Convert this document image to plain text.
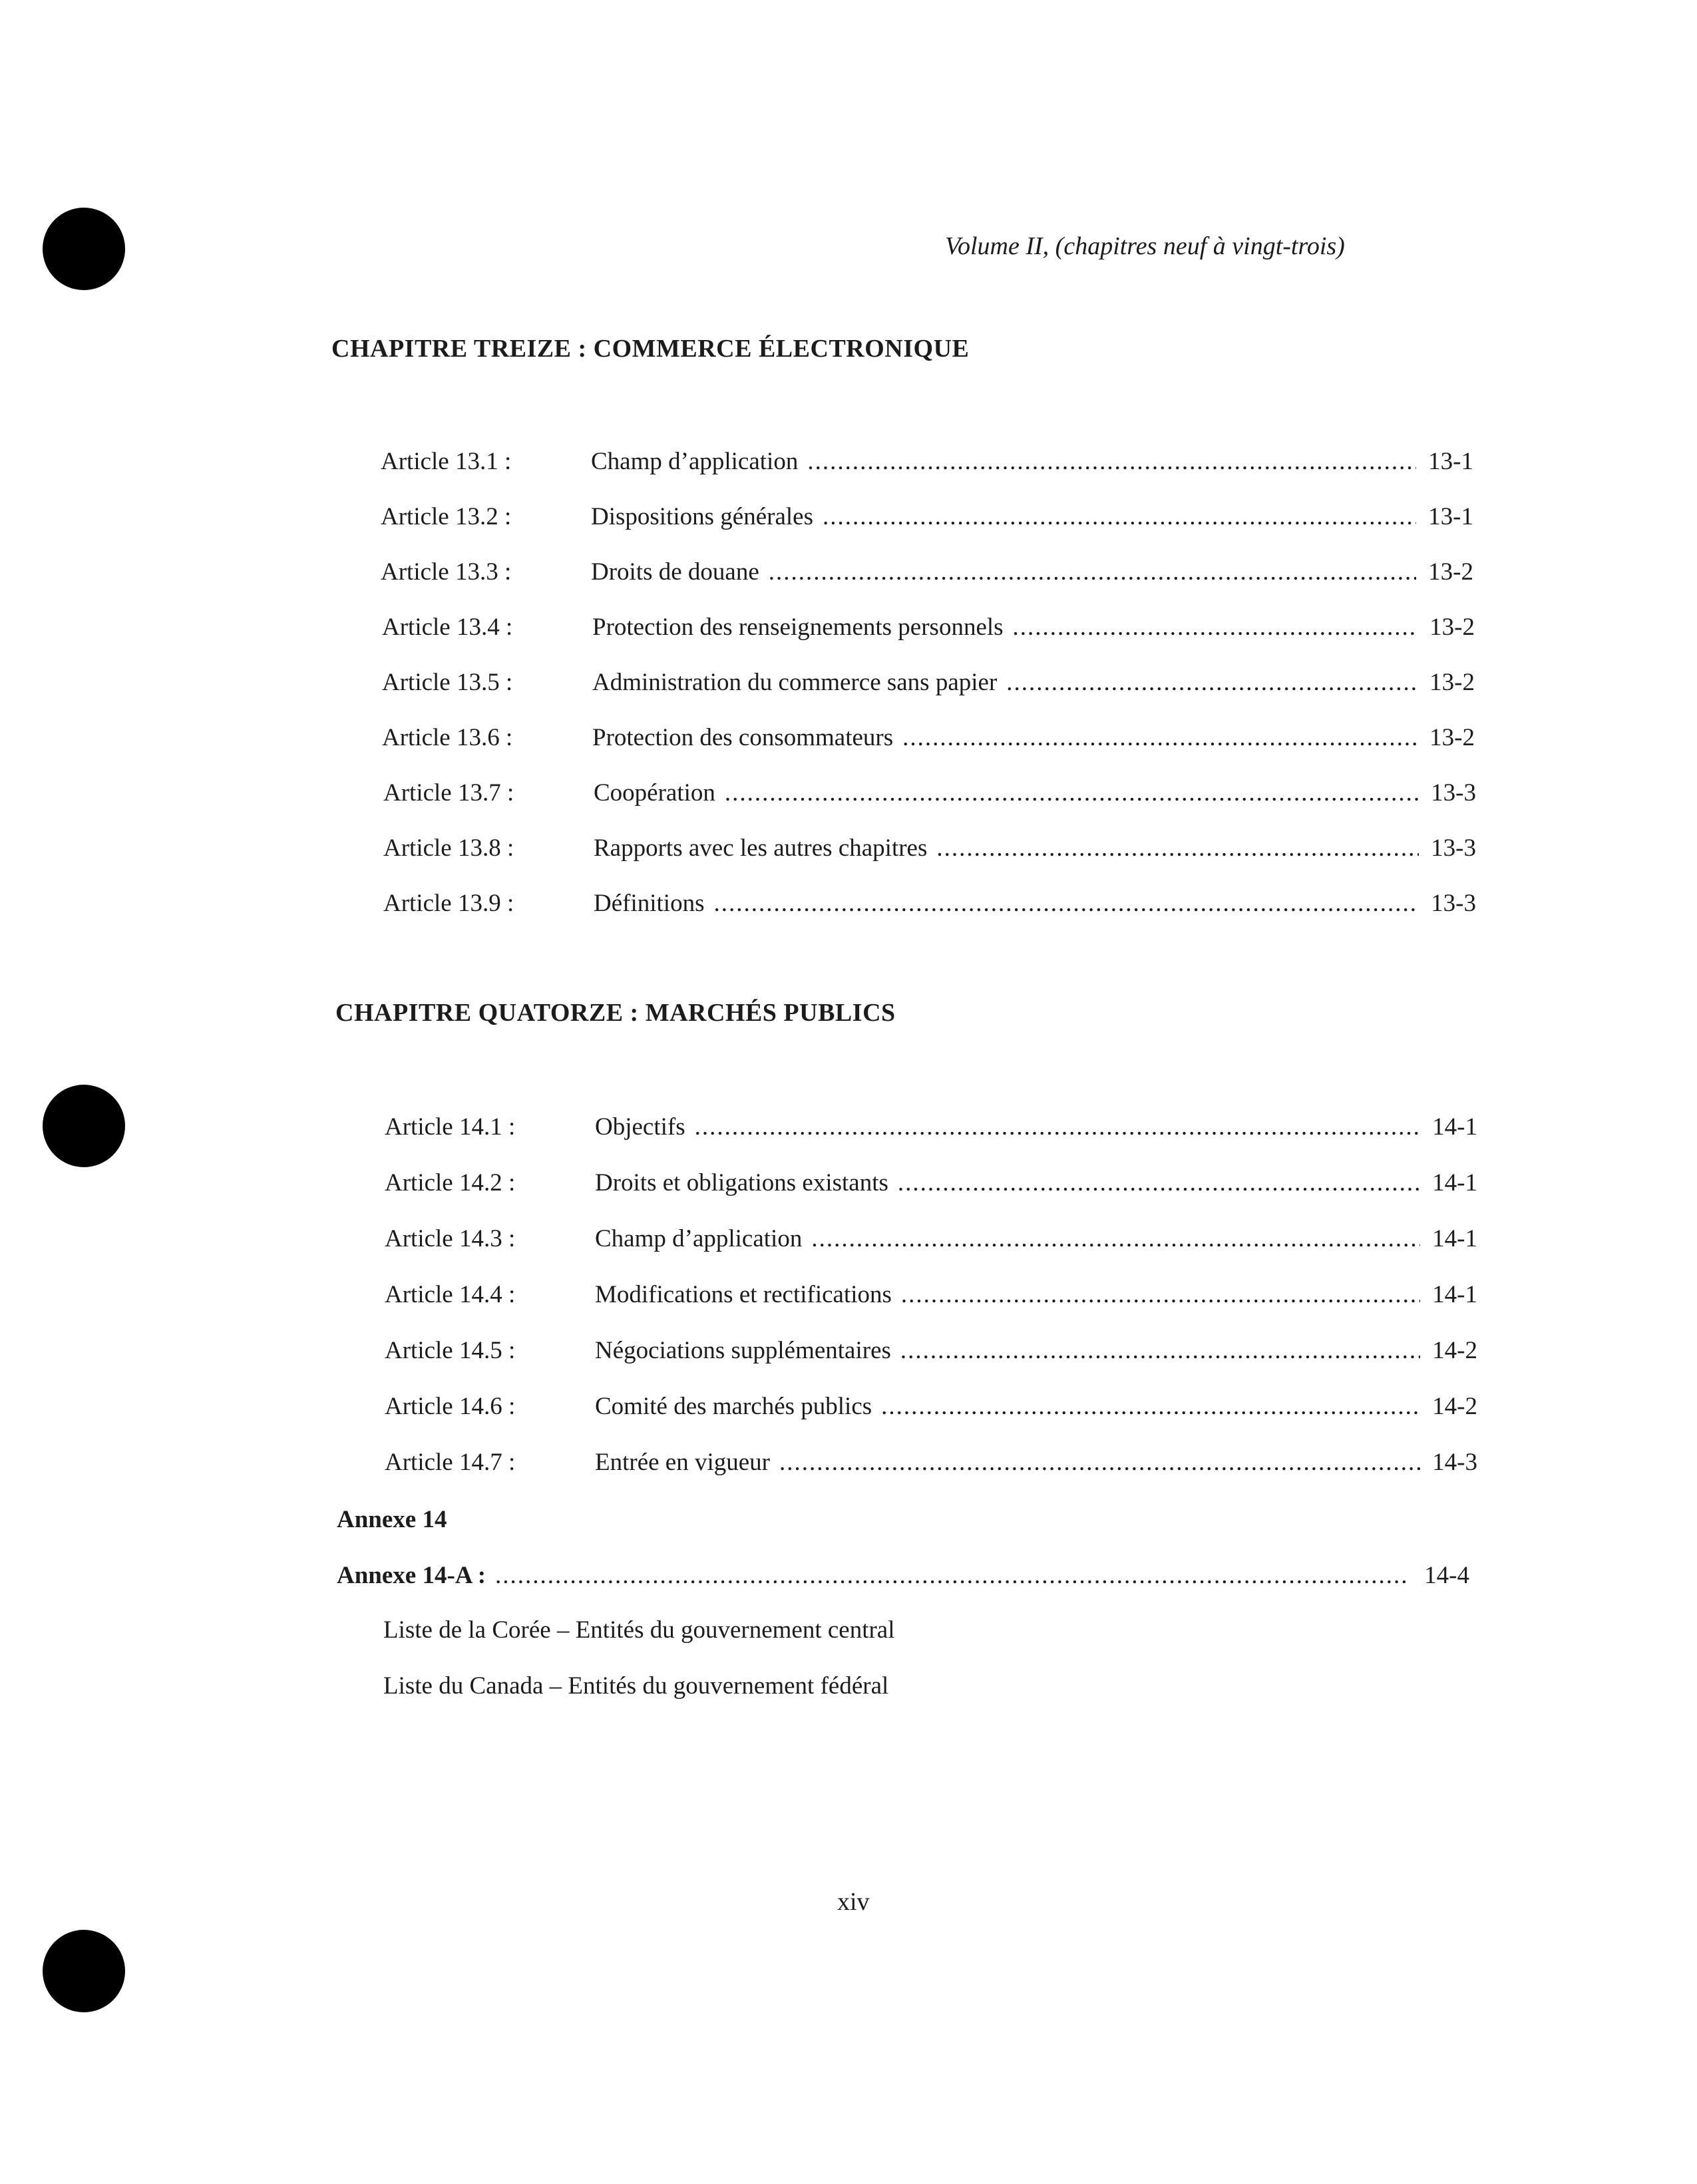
Volume II, (chapitres neuf à vingt-trois)
CHAPITRE TREIZE : COMMERCE ÉLECTRONIQUE
Article 13.1 :	Champ d’application .....	13-1
Article 13.2 :	Dispositions générales .....	13-1
Article 13.3 :	Droits de douane .....	13-2
Article 13.4 :	Protection des renseignements personnels .....	13-2
Article 13.5 :	Administration du commerce sans papier .....	13-2
Article 13.6 :	Protection des consommateurs .....	13-2
Article 13.7 :	Coopération .....	13-3
Article 13.8 :	Rapports avec les autres chapitres .....	13-3
Article 13.9 :	Définitions .....	13-3
CHAPITRE QUATORZE : MARCHÉS PUBLICS
Article 14.1 :	Objectifs .....	14-1
Article 14.2 :	Droits et obligations existants .....	14-1
Article 14.3 :	Champ d’application .....	14-1
Article 14.4 :	Modifications et rectifications .....	14-1
Article 14.5 :	Négociations supplémentaires .....	14-2
Article 14.6 :	Comité des marchés publics .....	14-2
Article 14.7 :	Entrée en vigueur .....	14-3
Annexe 14
Annexe 14-A : .....	14-4
Liste de la Corée – Entités du gouvernement central
Liste du Canada – Entités du gouvernement fédéral
xiv
